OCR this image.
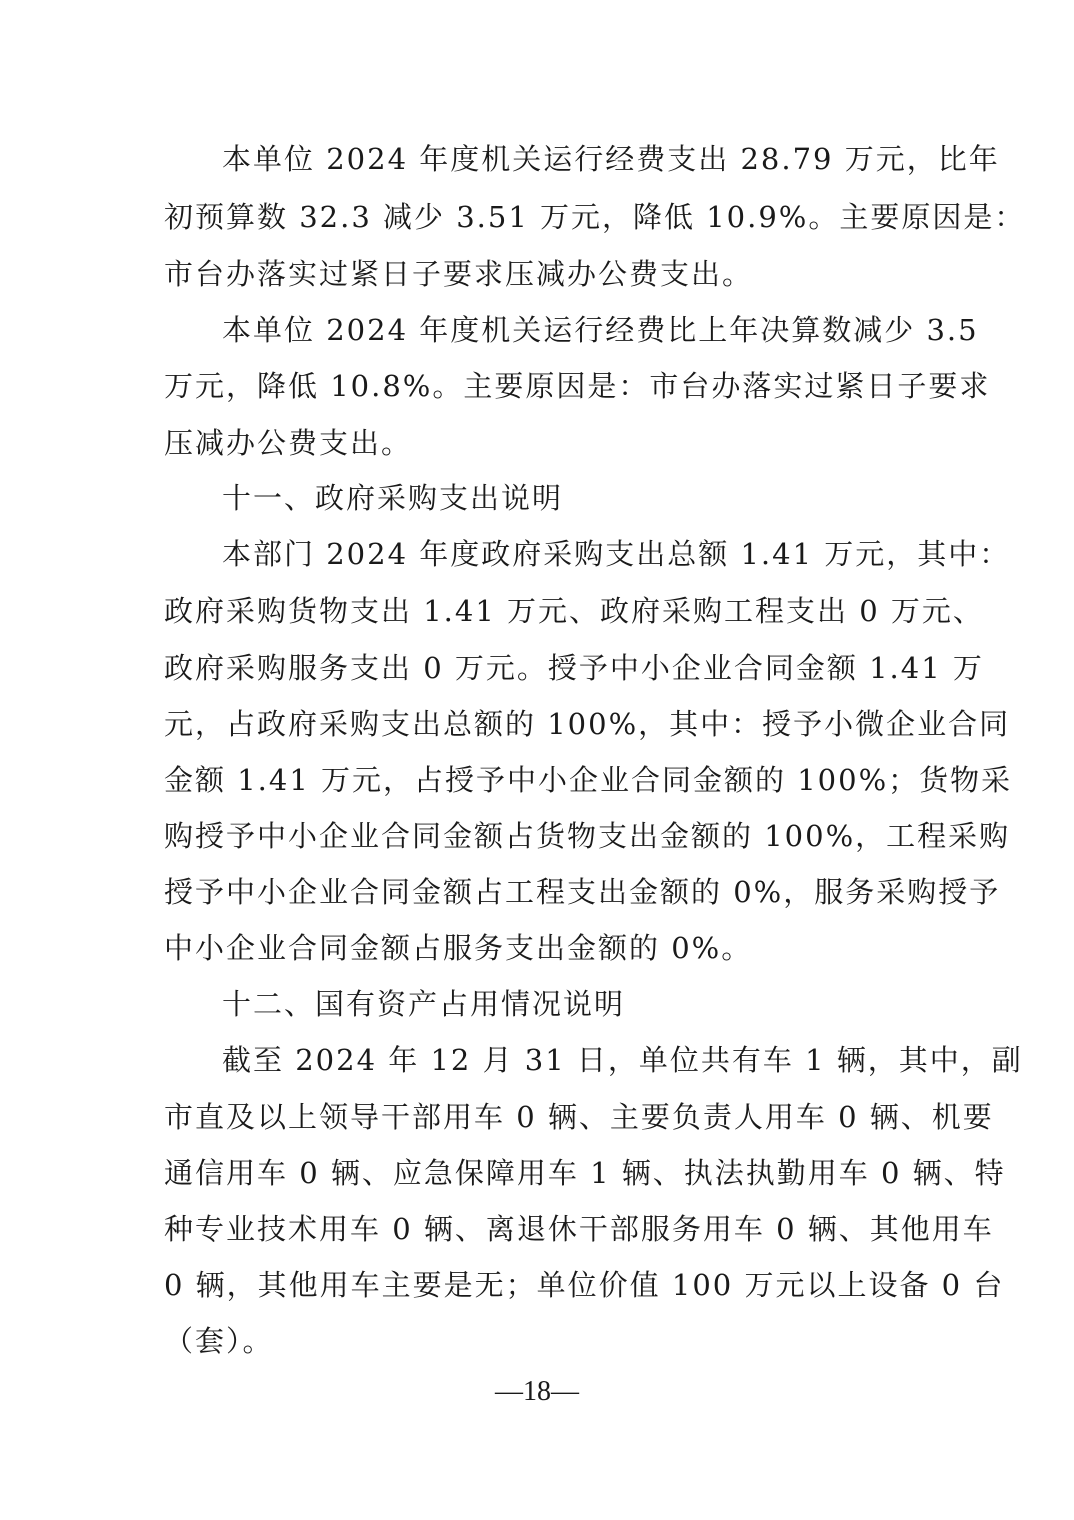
本单位 2024 年度机关运行经费支出 28.79 万元，比年
初预算数 32.3 减少 3.51 万元，降低 10.9%。主要原因是：
市台办落实过紧日子要求压减办公费支出。
本单位 2024 年度机关运行经费比上年决算数减少 3.5
万元，降低 10.8%。主要原因是：市台办落实过紧日子要求
压减办公费支出。
十一、政府采购支出说明
本部门 2024 年度政府采购支出总额 1.41 万元，其中：
政府采购货物支出 1.41 万元、政府采购工程支出 0 万元、
政府采购服务支出 0 万元。授予中小企业合同金额 1.41 万
元，占政府采购支出总额的 100%，其中：授予小微企业合同
金额 1.41 万元，占授予中小企业合同金额的 100%；货物采
购授予中小企业合同金额占货物支出金额的 100%，工程采购
授予中小企业合同金额占工程支出金额的 0%，服务采购授予
中小企业合同金额占服务支出金额的 0%。
十二、国有资产占用情况说明
截至 2024 年 12 月 31 日，单位共有车 1 辆，其中，副
市直及以上领导干部用车 0 辆、主要负责人用车 0 辆、机要
通信用车 0 辆、应急保障用车 1 辆、执法执勤用车 0 辆、特
种专业技术用车 0 辆、离退休干部服务用车 0 辆、其他用车
0 辆，其他用车主要是无；单位价值 100 万元以上设备 0 台
（套）。
—18—
